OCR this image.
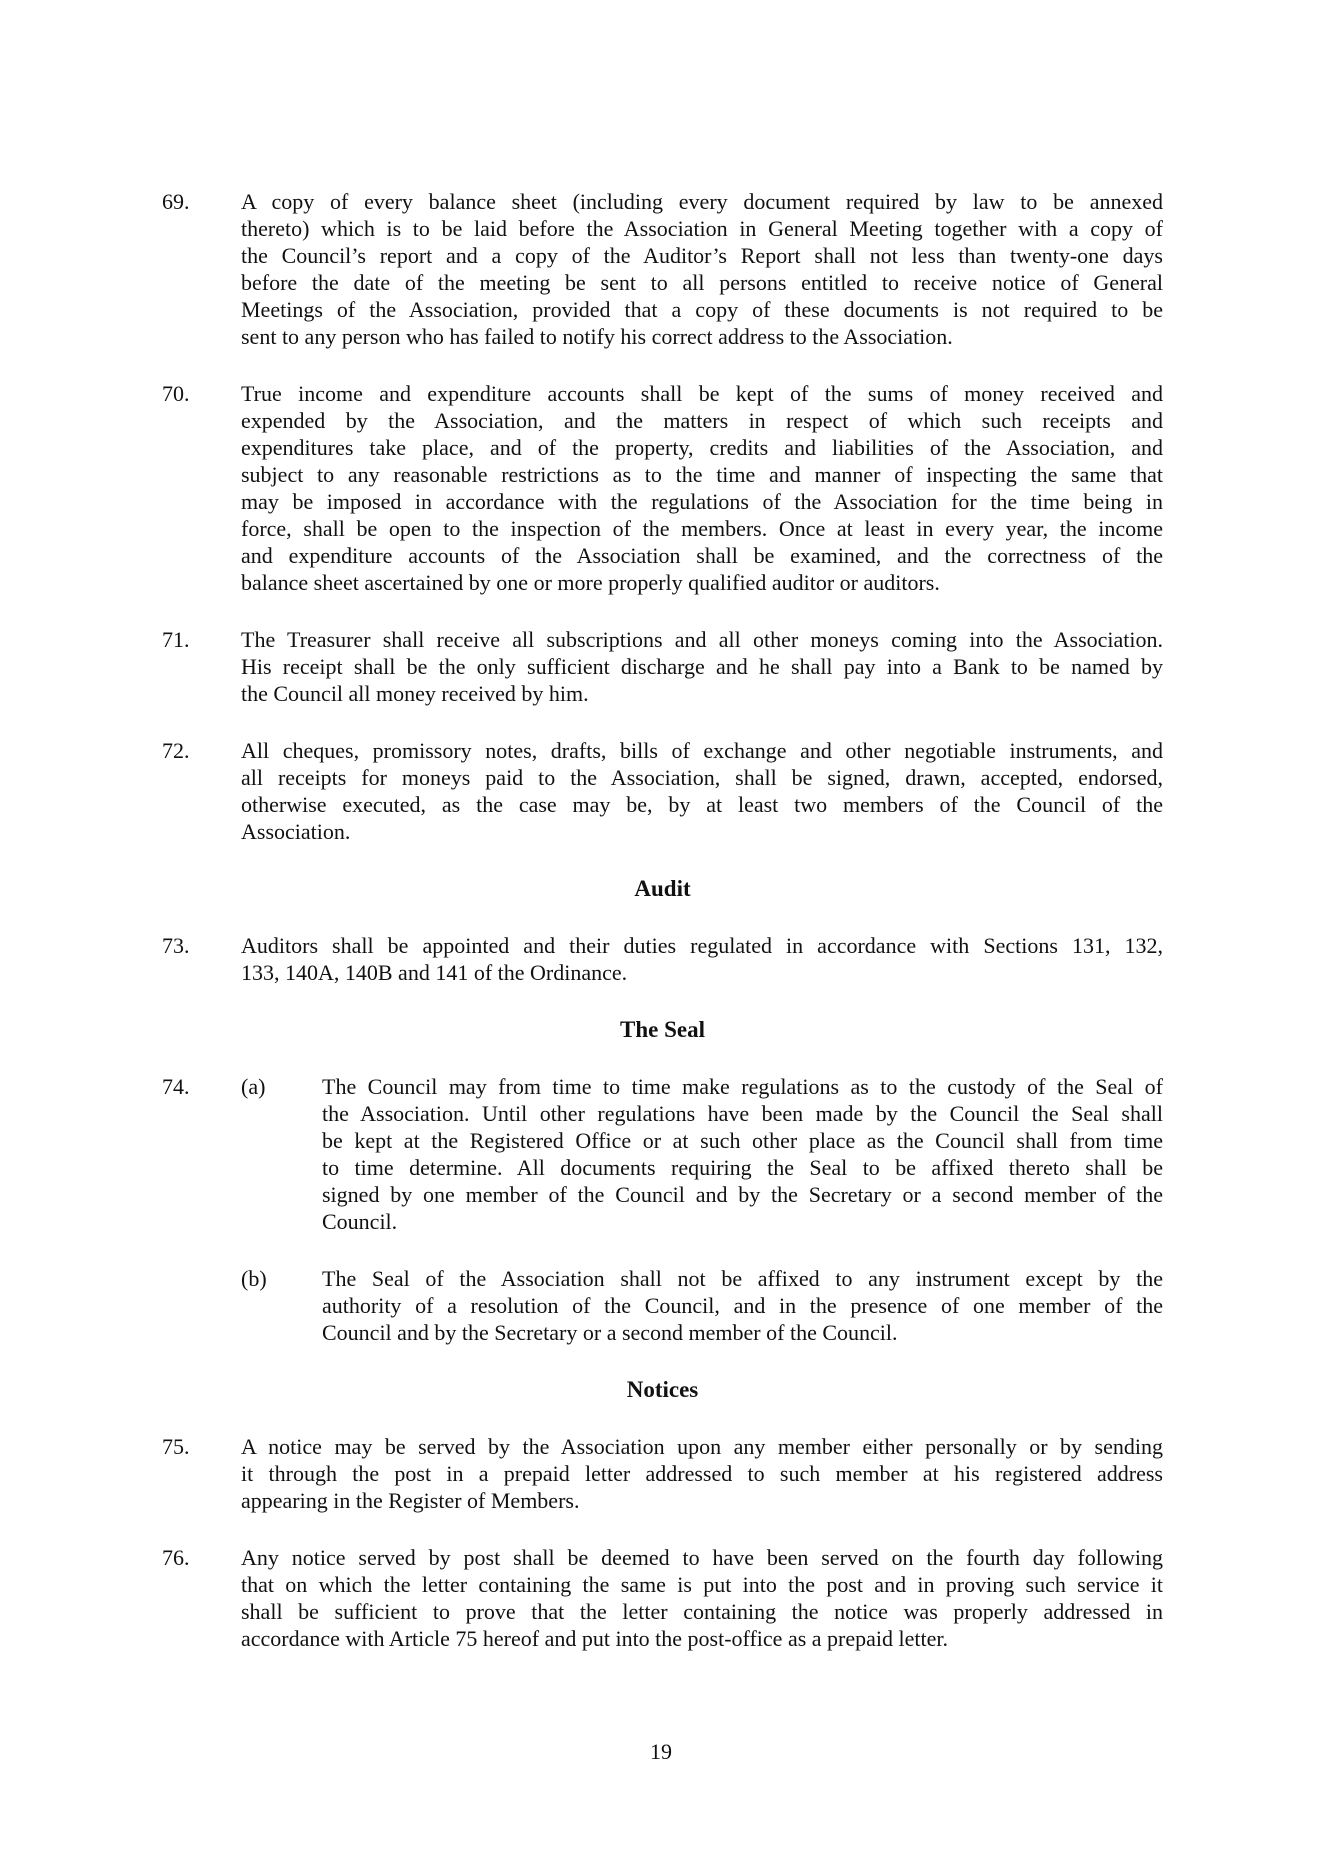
69.	A copy of every balance sheet (including every document required by law to be annexed
thereto) which is to be laid before the Association in General Meeting together with a copy of
the Council’s report and a copy of the Auditor’s Report shall not less than twenty-one days
before the date of the meeting be sent to all persons entitled to receive notice of General
Meetings of the Association, provided that a copy of these documents is not required to be
sent to any person who has failed to notify his correct address to the Association.
70.	True income and expenditure accounts shall be kept of the sums of money received and
expended by the Association, and the matters in respect of which such receipts and
expenditures take place, and of the property, credits and liabilities of the Association, and
subject to any reasonable restrictions as to the time and manner of inspecting the same that
may be imposed in accordance with the regulations of the Association for the time being in
force, shall be open to the inspection of the members. Once at least in every year, the income
and expenditure accounts of the Association shall be examined, and the correctness of the
balance sheet ascertained by one or more properly qualified auditor or auditors.
71.	The Treasurer shall receive all subscriptions and all other moneys coming into the Association.
His receipt shall be the only sufficient discharge and he shall pay into a Bank to be named by
the Council all money received by him.
72.	All cheques, promissory notes, drafts, bills of exchange and other negotiable instruments, and
all receipts for moneys paid to the Association, shall be signed, drawn, accepted, endorsed,
otherwise executed, as the case may be, by at least two members of the Council of the
Association.
Audit
73.	Auditors shall be appointed and their duties regulated in accordance with Sections 131, 132,
133, 140A, 140B and 141 of the Ordinance.
The Seal
74.	(a)	The Council may from time to time make regulations as to the custody of the Seal of
the Association. Until other regulations have been made by the Council the Seal shall
be kept at the Registered Office or at such other place as the Council shall from time
to time determine. All documents requiring the Seal to be affixed thereto shall be
signed by one member of the Council and by the Secretary or a second member of the
Council.
(b)	The Seal of the Association shall not be affixed to any instrument except by the
authority of a resolution of the Council, and in the presence of one member of the
Council and by the Secretary or a second member of the Council.
Notices
75.	A notice may be served by the Association upon any member either personally or by sending
it through the post in a prepaid letter addressed to such member at his registered address
appearing in the Register of Members.
76.	Any notice served by post shall be deemed to have been served on the fourth day following
that on which the letter containing the same is put into the post and in proving such service it
shall be sufficient to prove that the letter containing the notice was properly addressed in
accordance with Article 75 hereof and put into the post-office as a prepaid letter.
19
